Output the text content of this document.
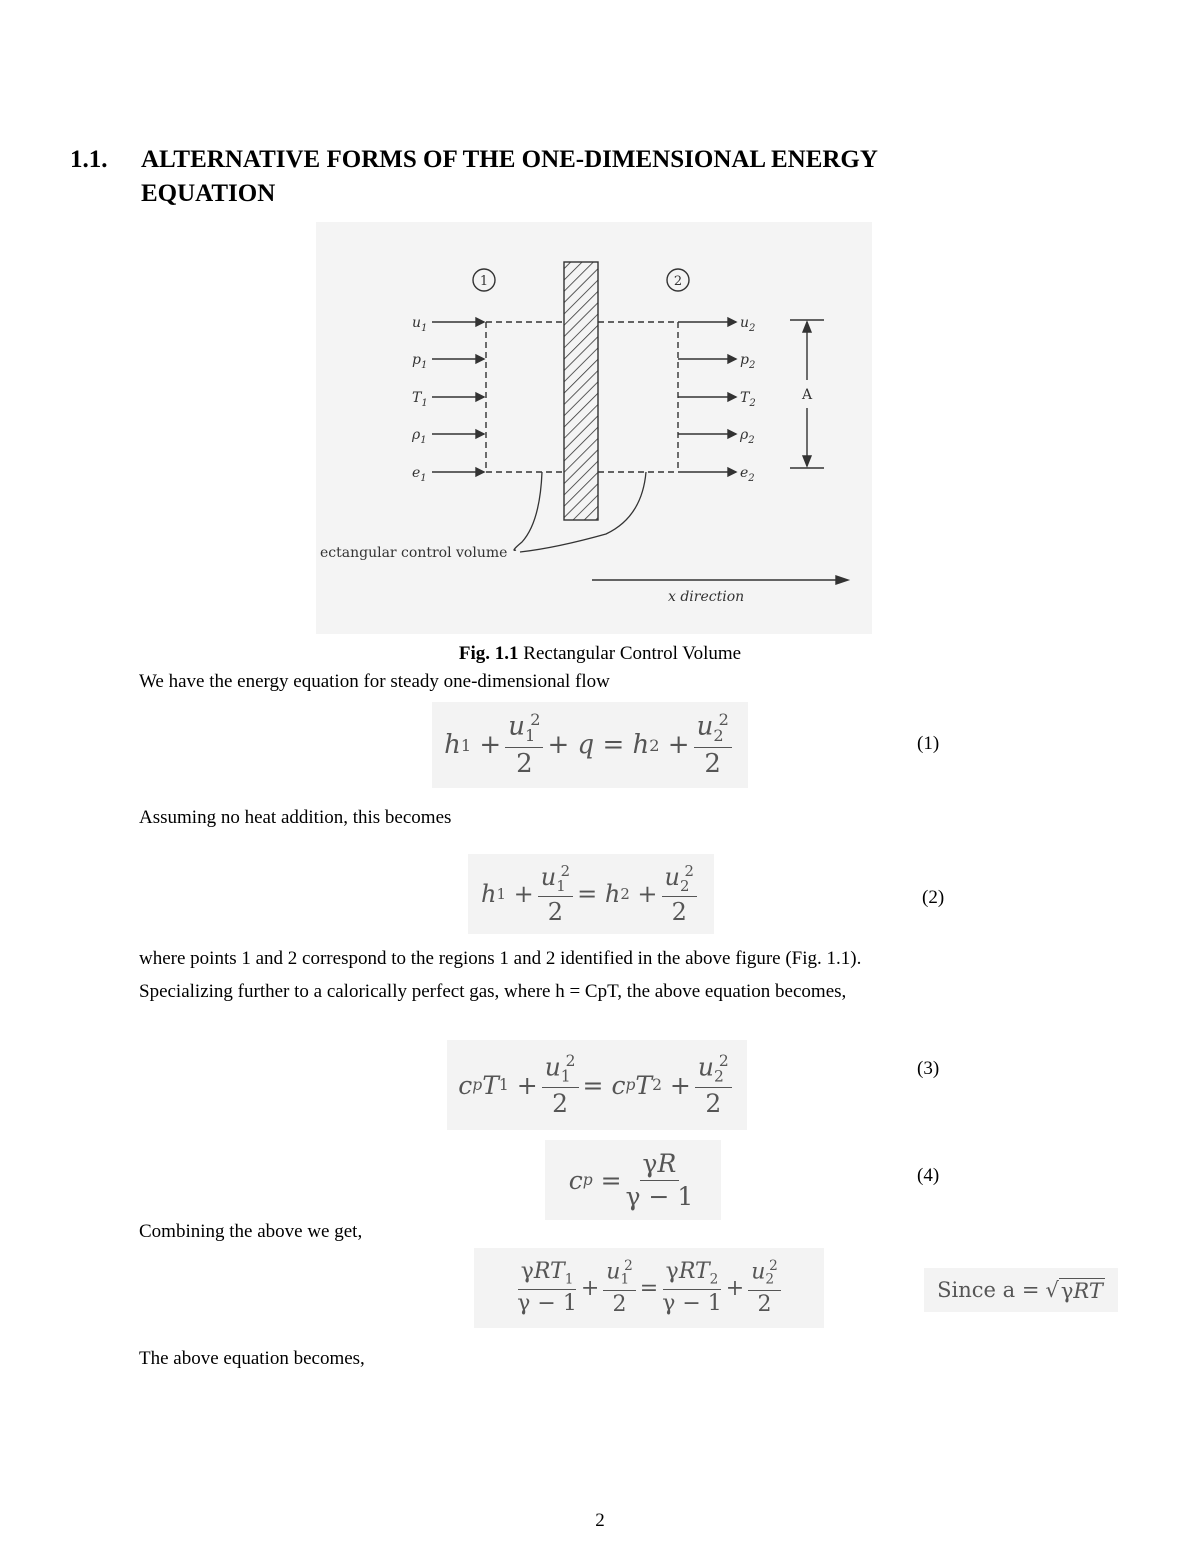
1.1. ALTERNATIVE FORMS OF THE ONE-DIMENSIONAL ENERGY
EQUATION
1	2
$u_1$
$p_1$
$T_1$
$\rho_1$
$e_1$
$u_2$
$p_2$
$T_2$
$\rho_2$
$e_2$
A
ectangular control volume
x direction
Fig. 1.1 Rectangular Control Volume
We have the energy equation for steady one-dimensional flow
h $1 + \frac{u_1^2}{2} + q = h$ $2 + \frac{u_2^2}{2}$	(1)
Assuming no heat addition, this becomes
h $1 + \frac{u_1^2}{2} = h$ $2 + \frac{u_2^2}{2}$	(2)
where points 1 and 2 correspond to the regions 1 and 2 identified in the above figure (Fig. 1.1).
Specializing further to a calorically perfect gas, where h = CpT, the above equation becomes,
c p T $1 + \frac{u_1^2}{2} = c$ p T $2 + \frac{u_2^2}{2}$	(3)
c $p = \frac{\gamma R}{\gamma - 1}$	(4)
Combining the above we get,
$\frac{\gamma RT_1}{\gamma - 1} + \frac{u_1^2}{2} = \frac{\gamma RT_2}{\gamma - 1} + \frac{u_2^2}{2}$	Since a = √ γRT
The above equation becomes,
2
